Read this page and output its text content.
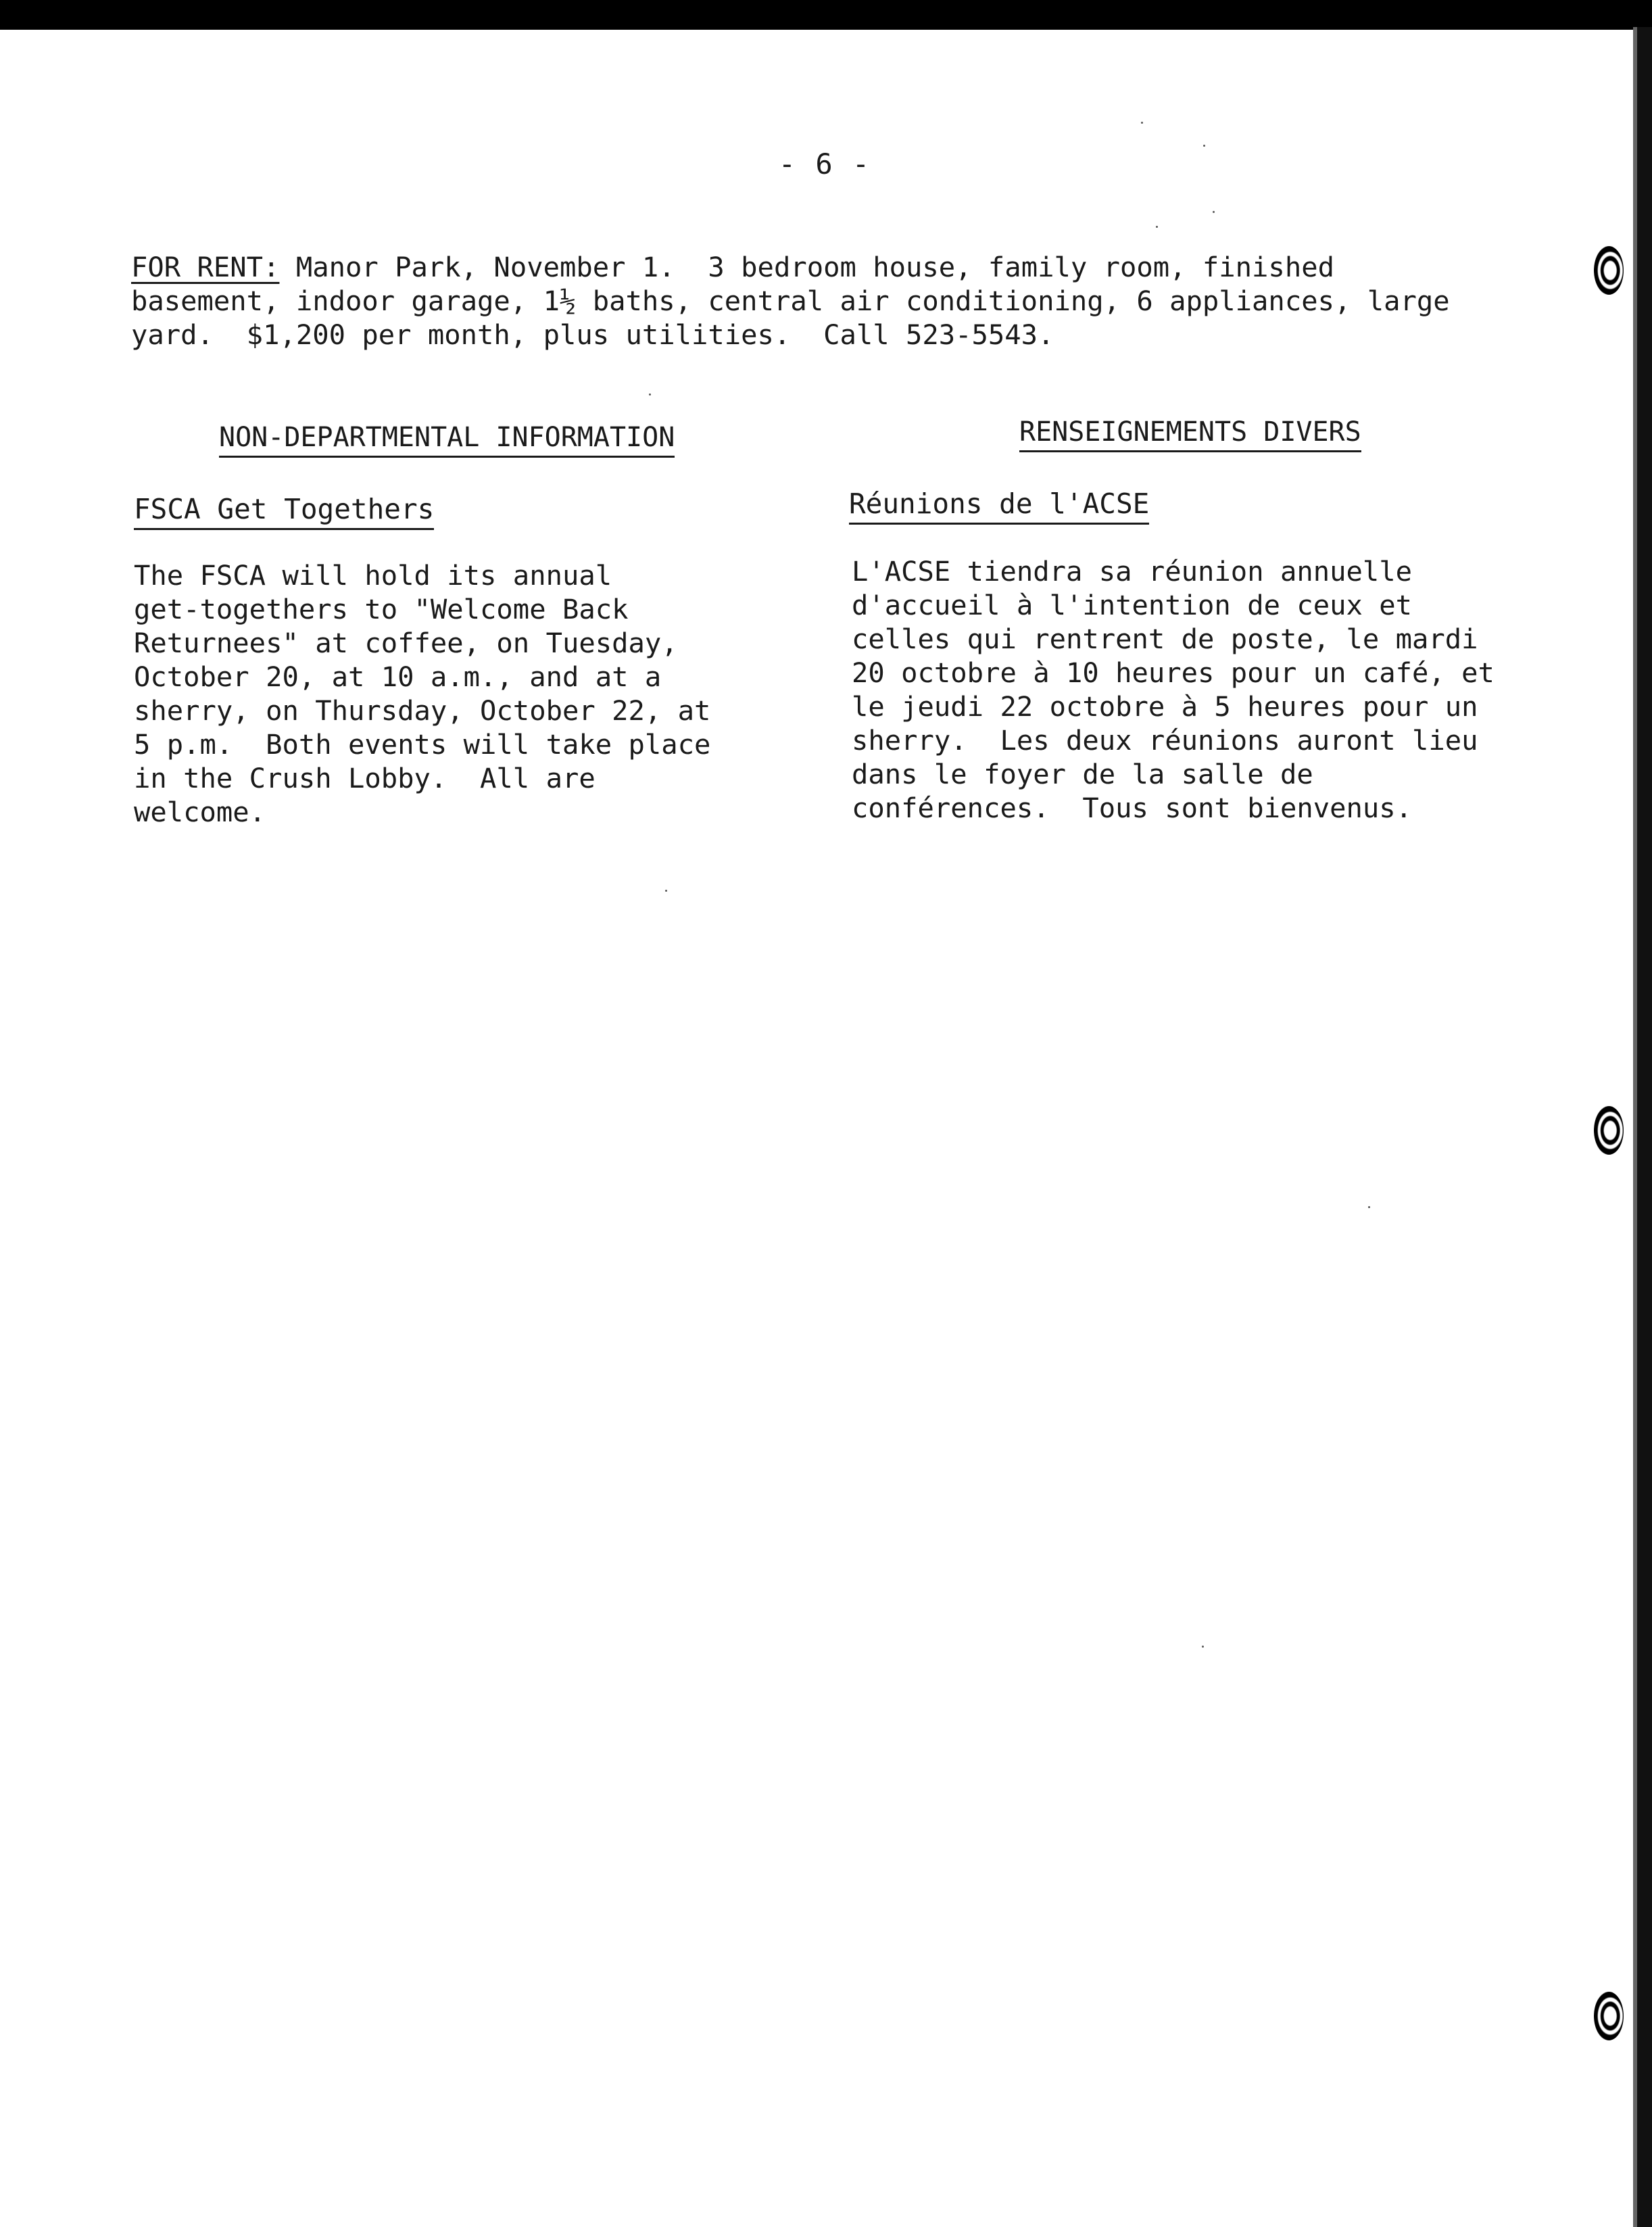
- 6 -
FOR RENT: Manor Park, November 1.  3 bedroom house, family room, finished
basement, indoor garage, 1½ baths, central air conditioning, 6 appliances, large
yard.  $1,200 per month, plus utilities.  Call 523-5543.
NON-DEPARTMENTAL INFORMATION	RENSEIGNEMENTS DIVERS
FSCA Get Togethers	Réunions de l'ACSE
The FSCA will hold its annual
get-togethers to "Welcome Back
Returnees" at coffee, on Tuesday,
October 20, at 10 a.m., and at a
sherry, on Thursday, October 22, at
5 p.m.  Both events will take place
in the Crush Lobby.  All are
welcome.
L'ACSE tiendra sa réunion annuelle
d'accueil à l'intention de ceux et
celles qui rentrent de poste, le mardi
20 octobre à 10 heures pour un café, et
le jeudi 22 octobre à 5 heures pour un
sherry.  Les deux réunions auront lieu
dans le foyer de la salle de
conférences.  Tous sont bienvenus.
